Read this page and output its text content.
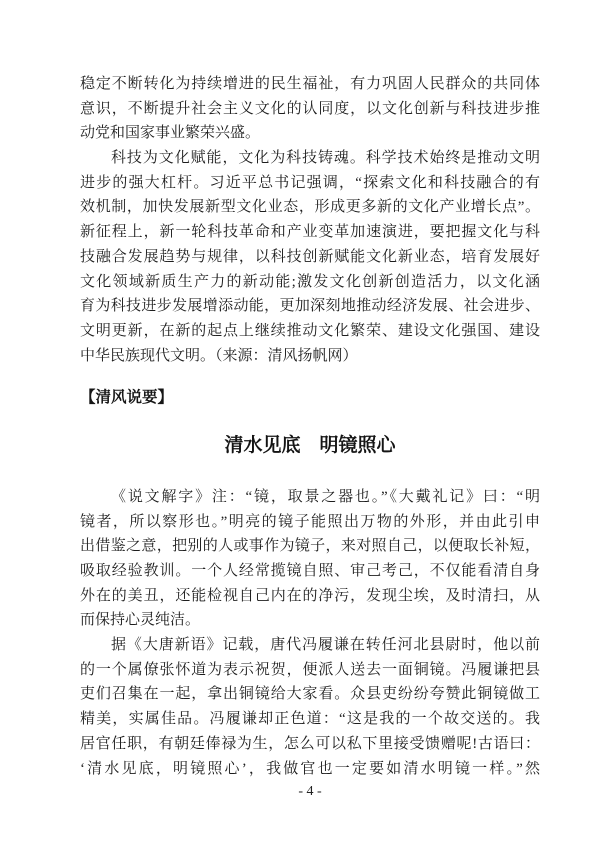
稳定不断转化为持续增进的民生福祉，有力巩固人民群众的共同体
意识，不断提升社会主义文化的认同度，以文化创新与科技进步推
动党和国家事业繁荣兴盛。
科技为文化赋能，文化为科技铸魂。科学技术始终是推动文明
进步的强大杠杆。习近平总书记强调，“探索文化和科技融合的有
效机制，加快发展新型文化业态，形成更多新的文化产业增长点”。
新征程上，新一轮科技革命和产业变革加速演进，要把握文化与科
技融合发展趋势与规律，以科技创新赋能文化新业态，培育发展好
文化领域新质生产力的新动能;激发文化创新创造活力，以文化涵
育为科技进步发展增添动能，更加深刻地推动经济发展、社会进步、
文明更新，在新的起点上继续推动文化繁荣、建设文化强国、建设
中华民族现代文明。（来源：清风扬帆网）
【清风说要】
清水见底　明镜照心
《说文解字》注：“镜，取景之器也。”《大戴礼记》曰：“明
镜者，所以察形也。”明亮的镜子能照出万物的外形，并由此引申
出借鉴之意，把别的人或事作为镜子，来对照自己，以便取长补短，
吸取经验教训。一个人经常揽镜自照、审己考己，不仅能看清自身
外在的美丑，还能检视自己内在的净污，发现尘埃，及时清扫，从
而保持心灵纯洁。
据《大唐新语》记载，唐代冯履谦在转任河北县尉时，他以前
的一个属僚张怀道为表示祝贺，便派人送去一面铜镜。冯履谦把县
吏们召集在一起，拿出铜镜给大家看。众县吏纷纷夸赞此铜镜做工
精美，实属佳品。冯履谦却正色道：“这是我的一个故交送的。我
居官任职，有朝廷俸禄为生，怎么可以私下里接受馈赠呢!古语曰：
‘清水见底，明镜照心’，我做官也一定要如清水明镜一样。”然
- 4 -
